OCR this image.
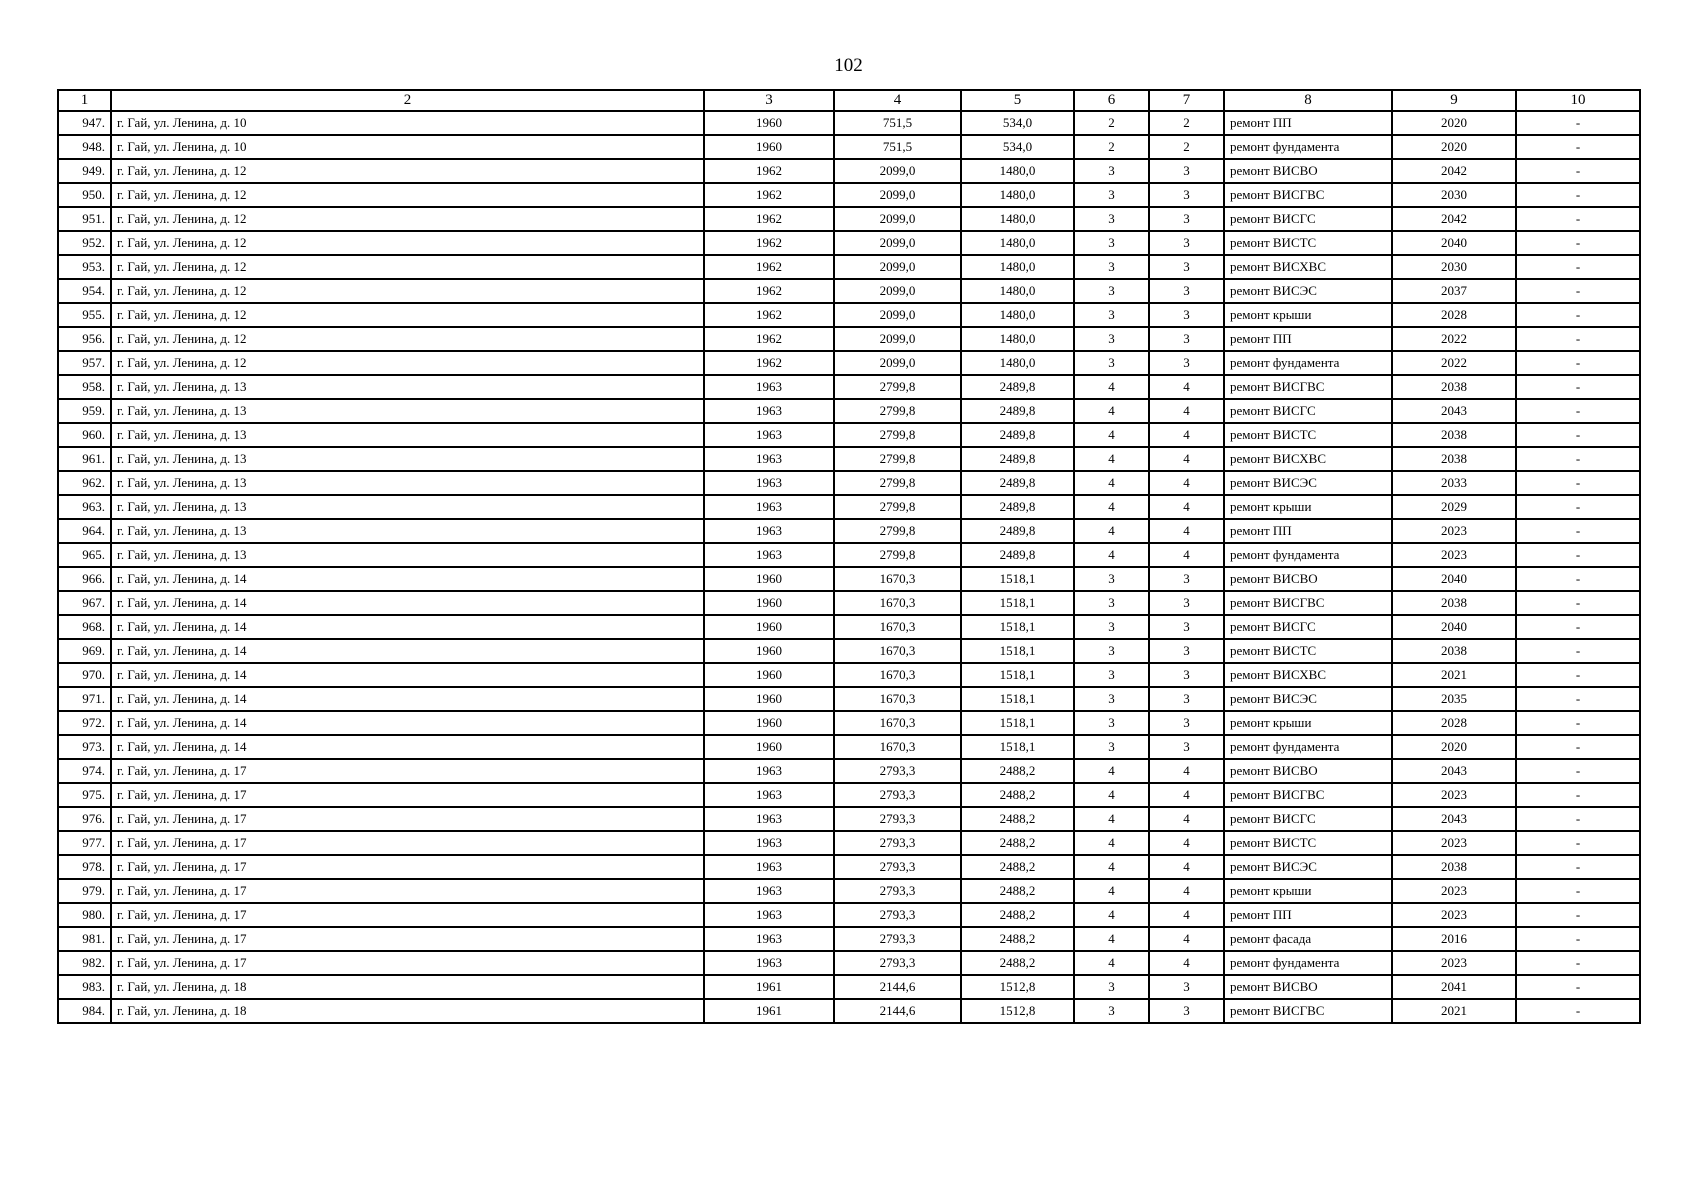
102
1	2	3	4	5	6	7	8	9	10
947.	г. Гай, ул. Ленина, д. 10	1960	751,5	534,0	2	2	ремонт ПП	2020	-
948.	г. Гай, ул. Ленина, д. 10	1960	751,5	534,0	2	2	ремонт фундамента	2020	-
949.	г. Гай, ул. Ленина, д. 12	1962	2099,0	1480,0	3	3	ремонт ВИСВО	2042	-
950.	г. Гай, ул. Ленина, д. 12	1962	2099,0	1480,0	3	3	ремонт ВИСГВС	2030	-
951.	г. Гай, ул. Ленина, д. 12	1962	2099,0	1480,0	3	3	ремонт ВИСГС	2042	-
952.	г. Гай, ул. Ленина, д. 12	1962	2099,0	1480,0	3	3	ремонт ВИСТС	2040	-
953.	г. Гай, ул. Ленина, д. 12	1962	2099,0	1480,0	3	3	ремонт ВИСХВС	2030	-
954.	г. Гай, ул. Ленина, д. 12	1962	2099,0	1480,0	3	3	ремонт ВИСЭС	2037	-
955.	г. Гай, ул. Ленина, д. 12	1962	2099,0	1480,0	3	3	ремонт крыши	2028	-
956.	г. Гай, ул. Ленина, д. 12	1962	2099,0	1480,0	3	3	ремонт ПП	2022	-
957.	г. Гай, ул. Ленина, д. 12	1962	2099,0	1480,0	3	3	ремонт фундамента	2022	-
958.	г. Гай, ул. Ленина, д. 13	1963	2799,8	2489,8	4	4	ремонт ВИСГВС	2038	-
959.	г. Гай, ул. Ленина, д. 13	1963	2799,8	2489,8	4	4	ремонт ВИСГС	2043	-
960.	г. Гай, ул. Ленина, д. 13	1963	2799,8	2489,8	4	4	ремонт ВИСТС	2038	-
961.	г. Гай, ул. Ленина, д. 13	1963	2799,8	2489,8	4	4	ремонт ВИСХВС	2038	-
962.	г. Гай, ул. Ленина, д. 13	1963	2799,8	2489,8	4	4	ремонт ВИСЭС	2033	-
963.	г. Гай, ул. Ленина, д. 13	1963	2799,8	2489,8	4	4	ремонт крыши	2029	-
964.	г. Гай, ул. Ленина, д. 13	1963	2799,8	2489,8	4	4	ремонт ПП	2023	-
965.	г. Гай, ул. Ленина, д. 13	1963	2799,8	2489,8	4	4	ремонт фундамента	2023	-
966.	г. Гай, ул. Ленина, д. 14	1960	1670,3	1518,1	3	3	ремонт ВИСВО	2040	-
967.	г. Гай, ул. Ленина, д. 14	1960	1670,3	1518,1	3	3	ремонт ВИСГВС	2038	-
968.	г. Гай, ул. Ленина, д. 14	1960	1670,3	1518,1	3	3	ремонт ВИСГС	2040	-
969.	г. Гай, ул. Ленина, д. 14	1960	1670,3	1518,1	3	3	ремонт ВИСТС	2038	-
970.	г. Гай, ул. Ленина, д. 14	1960	1670,3	1518,1	3	3	ремонт ВИСХВС	2021	-
971.	г. Гай, ул. Ленина, д. 14	1960	1670,3	1518,1	3	3	ремонт ВИСЭС	2035	-
972.	г. Гай, ул. Ленина, д. 14	1960	1670,3	1518,1	3	3	ремонт крыши	2028	-
973.	г. Гай, ул. Ленина, д. 14	1960	1670,3	1518,1	3	3	ремонт фундамента	2020	-
974.	г. Гай, ул. Ленина, д. 17	1963	2793,3	2488,2	4	4	ремонт ВИСВО	2043	-
975.	г. Гай, ул. Ленина, д. 17	1963	2793,3	2488,2	4	4	ремонт ВИСГВС	2023	-
976.	г. Гай, ул. Ленина, д. 17	1963	2793,3	2488,2	4	4	ремонт ВИСГС	2043	-
977.	г. Гай, ул. Ленина, д. 17	1963	2793,3	2488,2	4	4	ремонт ВИСТС	2023	-
978.	г. Гай, ул. Ленина, д. 17	1963	2793,3	2488,2	4	4	ремонт ВИСЭС	2038	-
979.	г. Гай, ул. Ленина, д. 17	1963	2793,3	2488,2	4	4	ремонт крыши	2023	-
980.	г. Гай, ул. Ленина, д. 17	1963	2793,3	2488,2	4	4	ремонт ПП	2023	-
981.	г. Гай, ул. Ленина, д. 17	1963	2793,3	2488,2	4	4	ремонт фасада	2016	-
982.	г. Гай, ул. Ленина, д. 17	1963	2793,3	2488,2	4	4	ремонт фундамента	2023	-
983.	г. Гай, ул. Ленина, д. 18	1961	2144,6	1512,8	3	3	ремонт ВИСВО	2041	-
984.	г. Гай, ул. Ленина, д. 18	1961	2144,6	1512,8	3	3	ремонт ВИСГВС	2021	-
